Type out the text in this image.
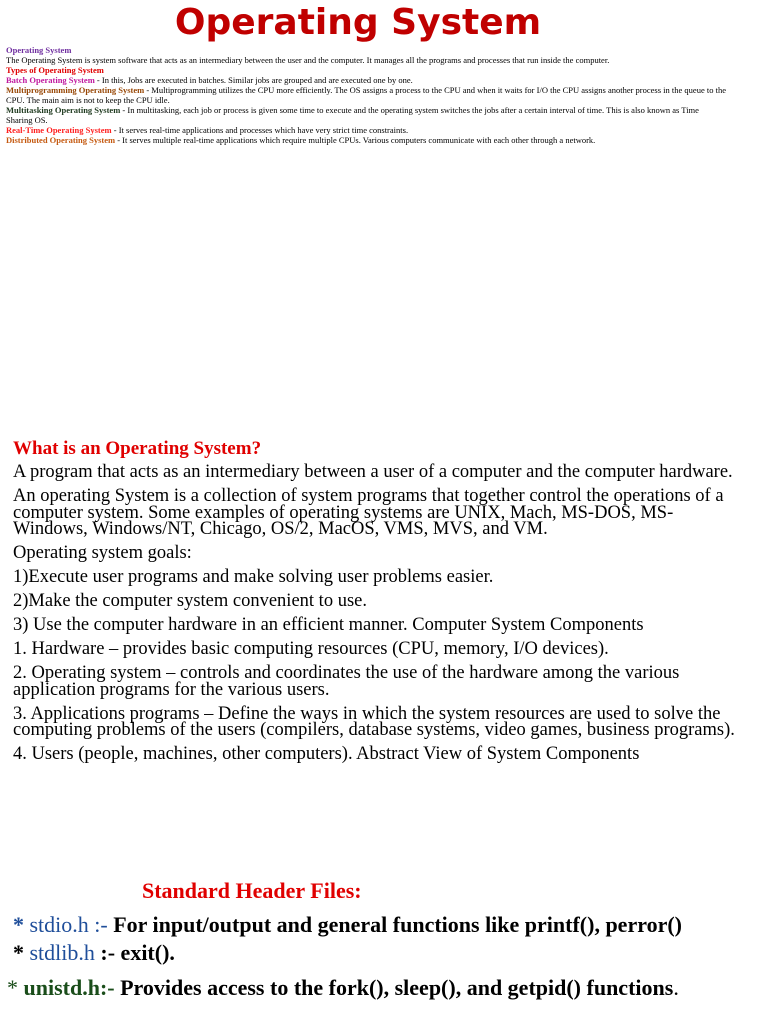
Operating System

Operating System

The Operating System is system software that acts as an intermediary between the user and the computer. It manages all the programs and processes that run inside the computer.

Types of Operating System

Batch Operating System - In this, Jobs are executed in batches. Similar jobs are grouped and are executed one by one.

Multiprogramming Operating System - Multiprogramming utilizes the CPU more efficiently. The OS assigns a process to the CPU and when it waits for I/O the CPU assigns another process in the queue to the CPU. The main aim is not to keep the CPU idle.

Multitasking Operating System - In multitasking, each job or process is given some time to execute and the operating system switches the jobs after a certain interval of time. This is also known as Time Sharing OS.

Real-Time Operating System - It serves real-time applications and processes which have very strict time constraints.

Distributed Operating System - It serves multiple real-time applications which require multiple CPUs. Various computers communicate with each other through a network.

What is an Operating System?

A program that acts as an intermediary between a user of a computer and the computer hardware.

An operating System is a collection of system programs that together control the operations of a computer system. Some examples of operating systems are UNIX, Mach, MS-DOS, MS-Windows, Windows/NT, Chicago, OS/2, MacOS, VMS, MVS, and VM.

Operating system goals:

1)Execute user programs and make solving user problems easier.

2)Make the computer system convenient to use.

3) Use the computer hardware in an efficient manner. Computer System Components

1. Hardware – provides basic computing resources (CPU, memory, I/O devices).

2. Operating system – controls and coordinates the use of the hardware among the various application programs for the various users.

3. Applications programs – Define the ways in which the system resources are used to solve the computing problems of the users (compilers, database systems, video games, business programs).

4. Users (people, machines, other computers). Abstract View of System Components

Standard Header Files:

* stdio.h :- For input/output and general functions like printf(), perror()

* stdlib.h :- exit().

* unistd.h:- Provides access to the fork(), sleep(), and getpid() functions.
